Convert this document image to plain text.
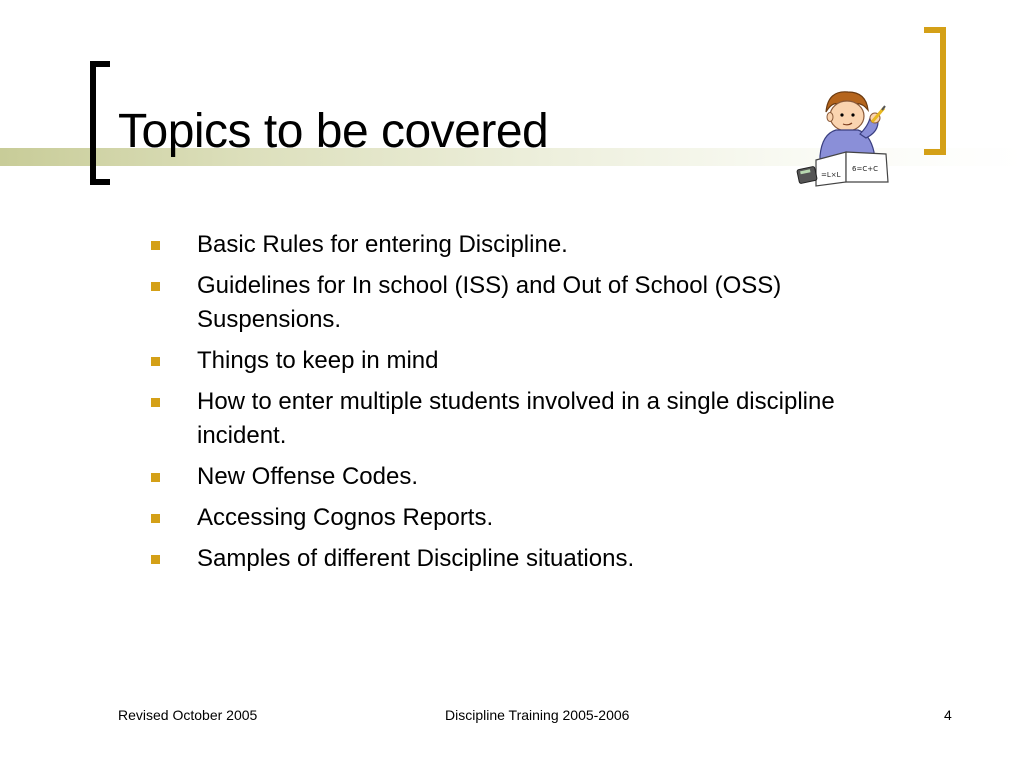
Topics to be covered
=L×L
6=C+C
Basic Rules for entering Discipline.
Guidelines for In school (ISS) and Out of School (OSS) Suspensions.
Things to keep in mind
How to enter multiple students involved in a single discipline incident.
New Offense Codes.
Accessing Cognos Reports.
Samples of different Discipline situations.
Revised October 2005	Discipline Training 2005-2006	4
